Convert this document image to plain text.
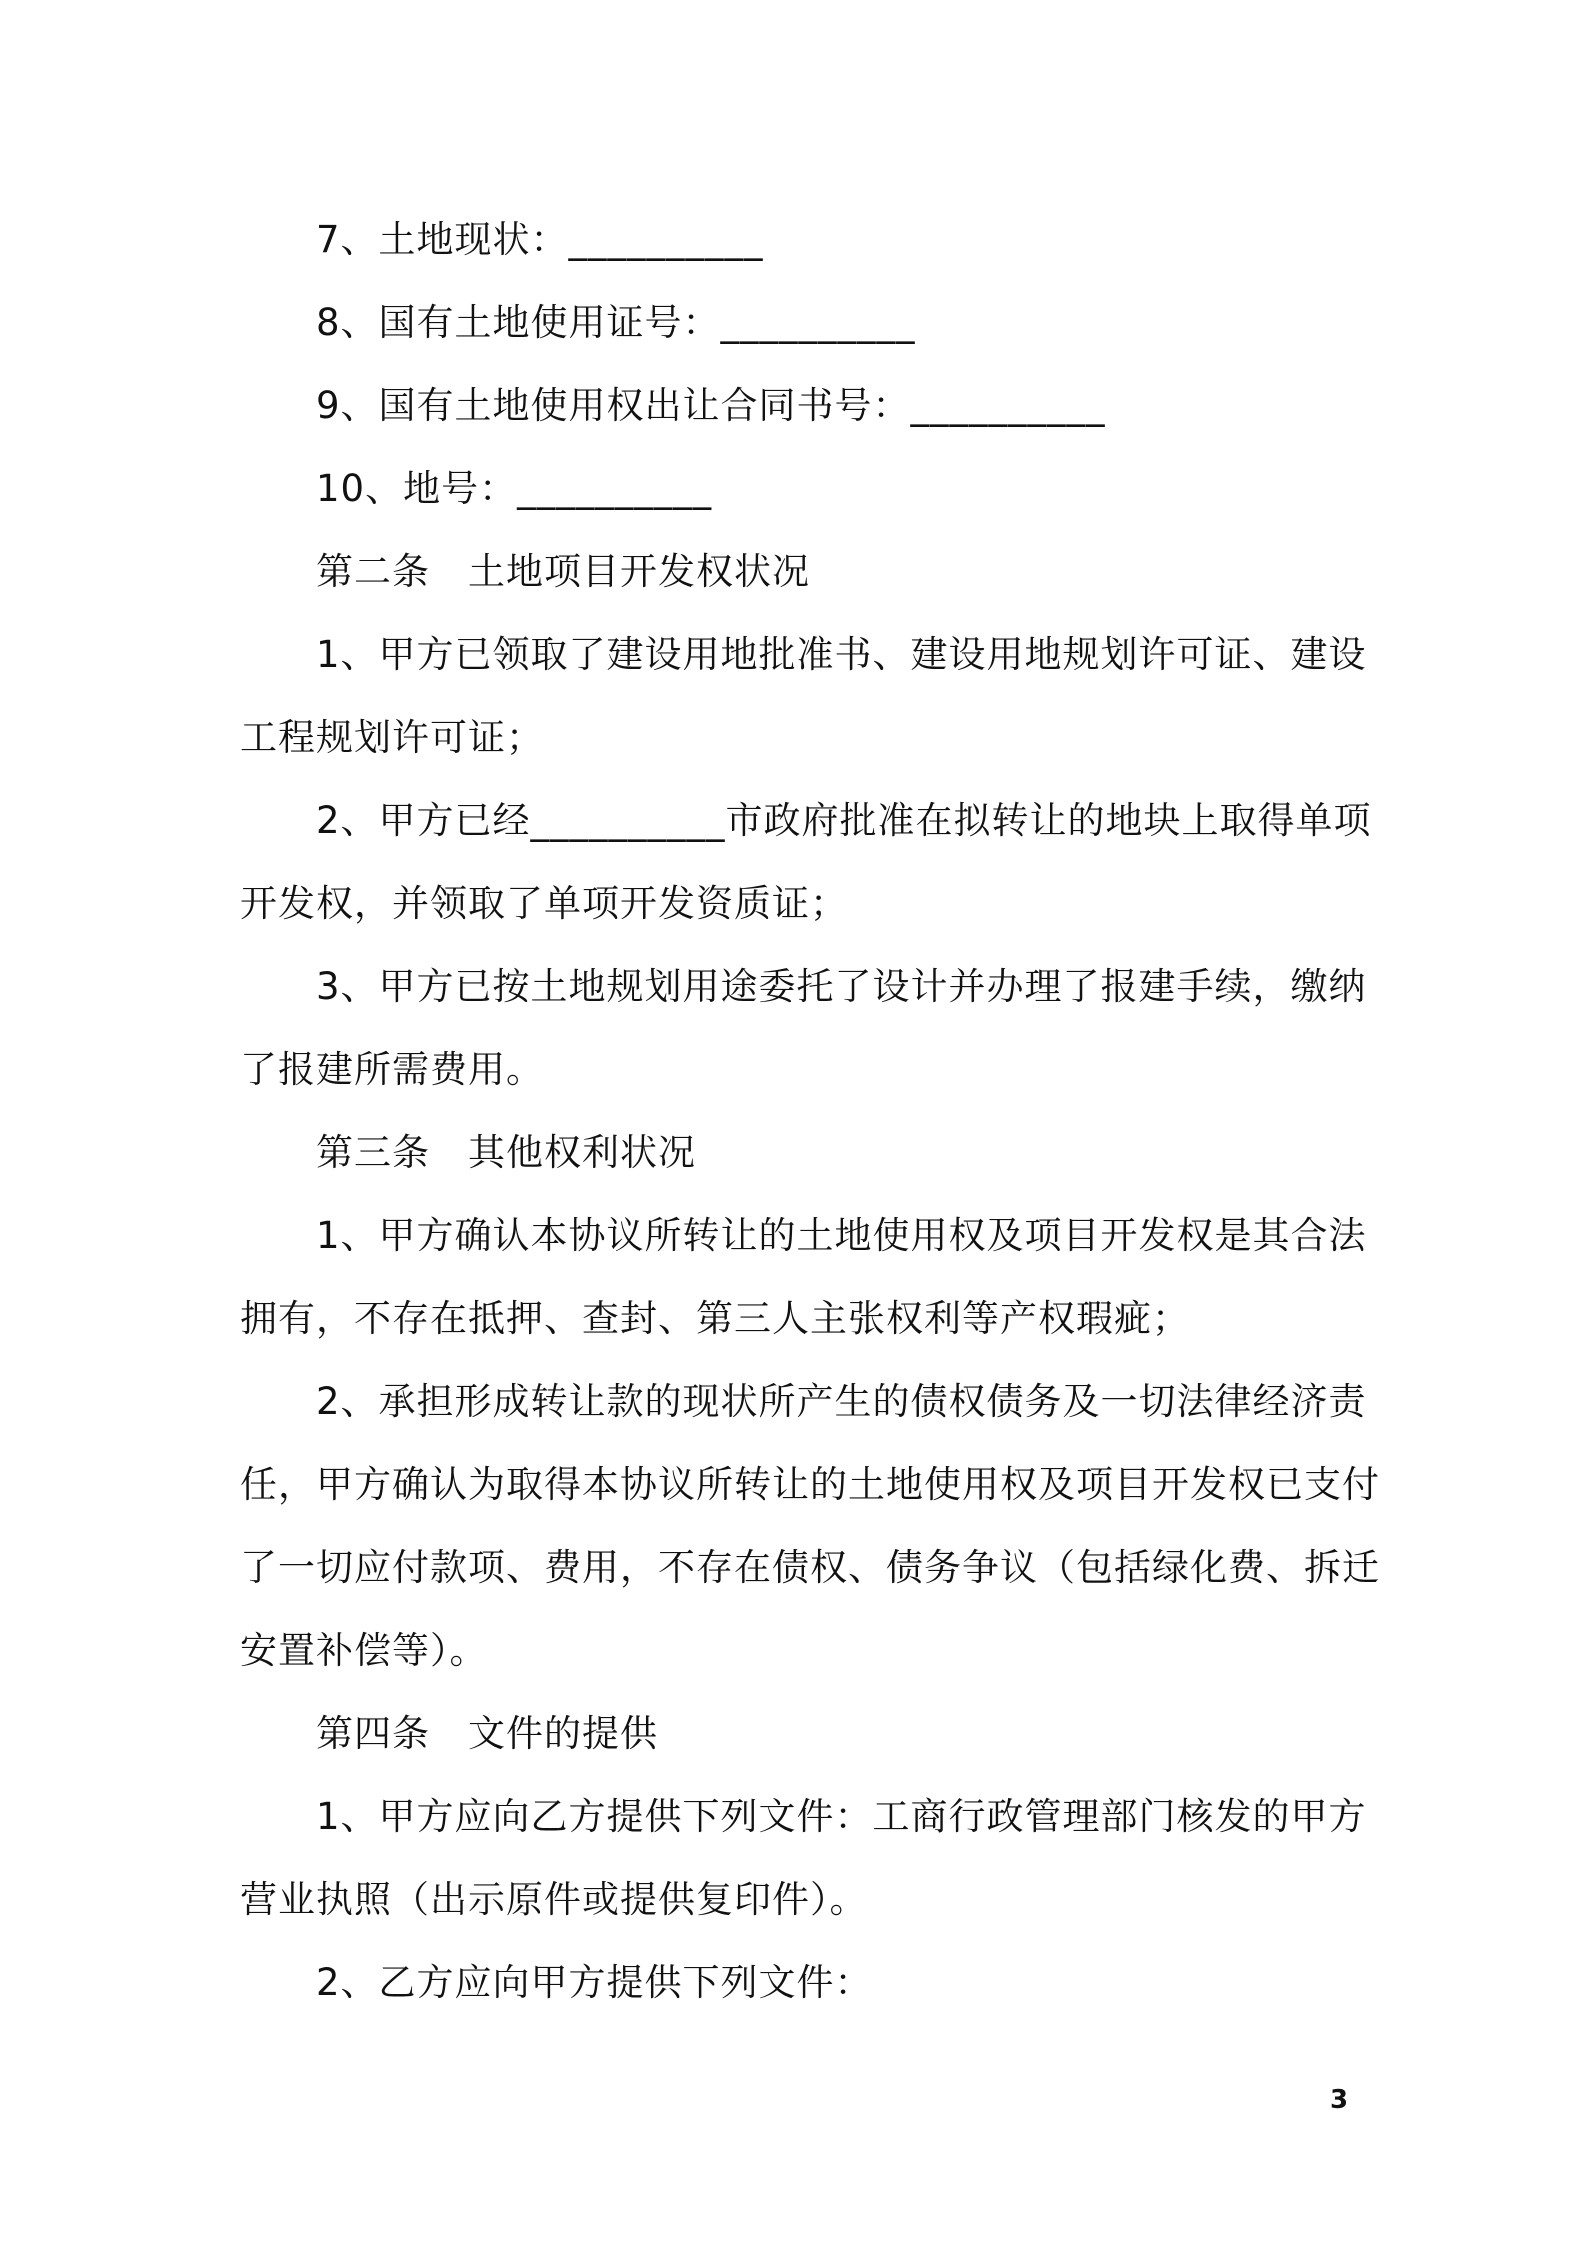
7、土地现状：__________
8、国有土地使用证号：__________
9、国有土地使用权出让合同书号：__________
10、地号：__________
第二条 土地项目开发权状况
1、甲方已领取了建设用地批准书、建设用地规划许可证、建设
工程规划许可证；
2、甲方已经__________市政府批准在拟转让的地块上取得单项
开发权，并领取了单项开发资质证；
3、甲方已按土地规划用途委托了设计并办理了报建手续，缴纳
了报建所需费用。
第三条 其他权利状况
1、甲方确认本协议所转让的土地使用权及项目开发权是其合法
拥有，不存在抵押、查封、第三人主张权利等产权瑕疵；
2、承担形成转让款的现状所产生的债权债务及一切法律经济责
任，甲方确认为取得本协议所转让的土地使用权及项目开发权已支付
了一切应付款项、费用，不存在债权、债务争议（包括绿化费、拆迁
安置补偿等）。
第四条 文件的提供
1、甲方应向乙方提供下列文件：工商行政管理部门核发的甲方
营业执照（出示原件或提供复印件）。
2、乙方应向甲方提供下列文件：
3
